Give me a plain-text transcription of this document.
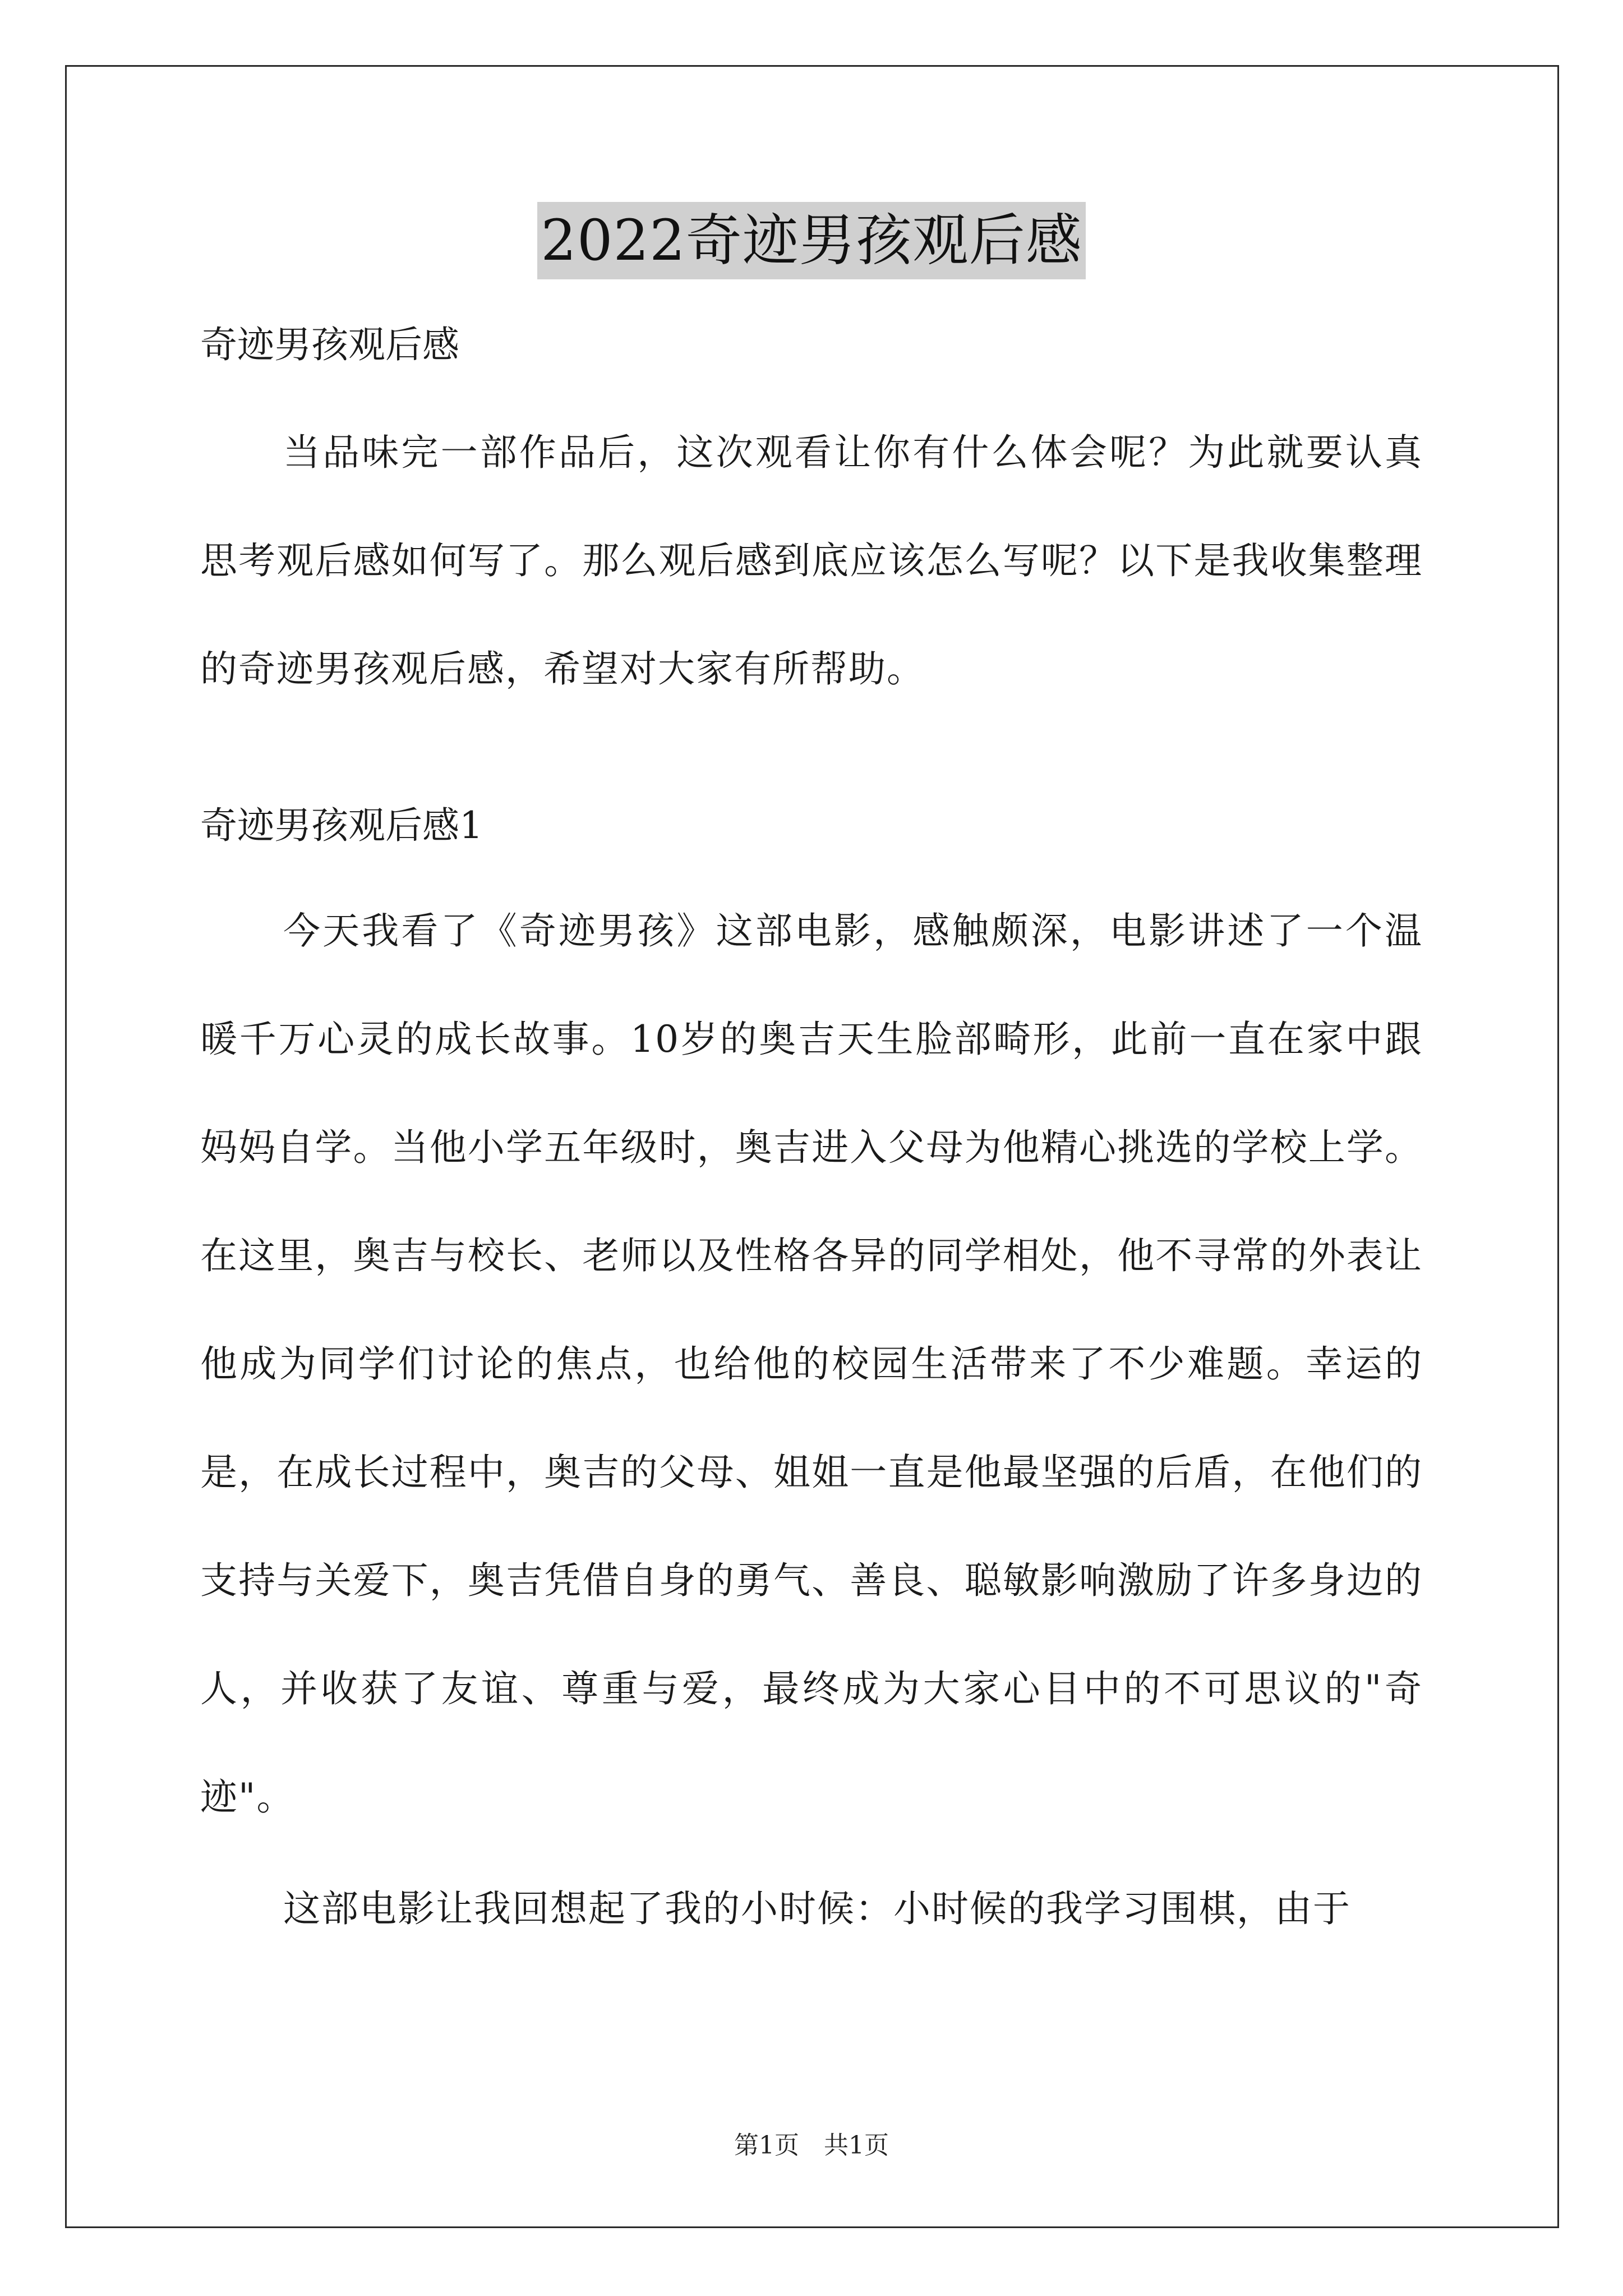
2022奇迹男孩观后感

奇迹男孩观后感

当品味完一部作品后，这次观看让你有什么体会呢？为此就要认真思考观后感如何写了。那么观后感到底应该怎么写呢？以下是我收集整理的奇迹男孩观后感，希望对大家有所帮助。

奇迹男孩观后感1

今天我看了《奇迹男孩》这部电影，感触颇深，电影讲述了一个温暖千万心灵的成长故事。10岁的奥吉天生脸部畸形，此前一直在家中跟妈妈自学。当他小学五年级时，奥吉进入父母为他精心挑选的学校上学。在这里，奥吉与校长、老师以及性格各异的同学相处，他不寻常的外表让他成为同学们讨论的焦点，也给他的校园生活带来了不少难题。幸运的是，在成长过程中，奥吉的父母、姐姐一直是他最坚强的后盾，在他们的支持与关爱下，奥吉凭借自身的勇气、善良、聪敏影响激励了许多身边的人，并收获了友谊、尊重与爱，最终成为大家心目中的不可思议的"奇迹"。

这部电影让我回想起了我的小时候：小时候的我学习围棋，由于

第1页 共1页
